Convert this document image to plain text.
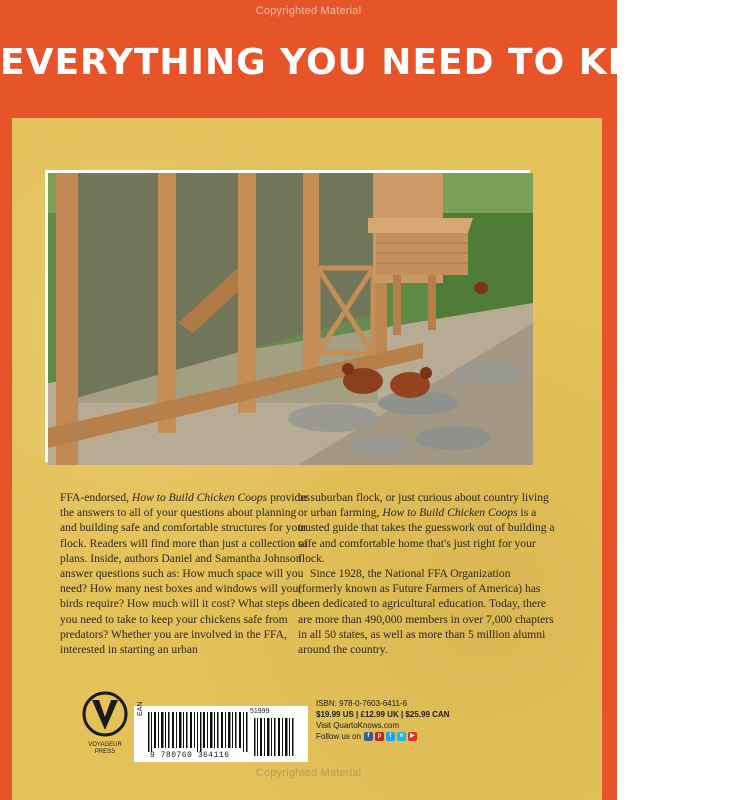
Copyrighted Material
EVERYTHING YOU NEED TO KNOW!

FFA-endorsed, How to Build Chicken Coops provides the answers to all of your questions about planning and building safe and comfortable structures for your flock. Readers will find more than just a collection of plans. Inside, authors Daniel and Samantha Johnson answer questions such as: How much space will you need? How many nest boxes and windows will your birds require? How much will it cost? What steps do you need to take to keep your chickens safe from predators? Whether you are involved in the FFA, interested in starting an urban

or suburban flock, or just curious about country living or urban farming, How to Build Chicken Coops is a trusted guide that takes the guesswork out of building a safe and comfortable home that's just right for your flock.

Since 1928, the National FFA Organization (formerly known as Future Farmers of America) has been dedicated to agricultural education. Today, there are more than 490,000 members in over 7,000 chapters in all 50 states, as well as more than 5 million alumni around the country.

VOYAGEUR PRESS
EAN	51999
9 780760 364116
ISBN: 978-0-7603-6411-6
$19.99 US | £12.99 UK | $25.99 CAN
Visit QuartoKnows.com
Follow us on	f	p	t	v	▶
Copyrighted Material
